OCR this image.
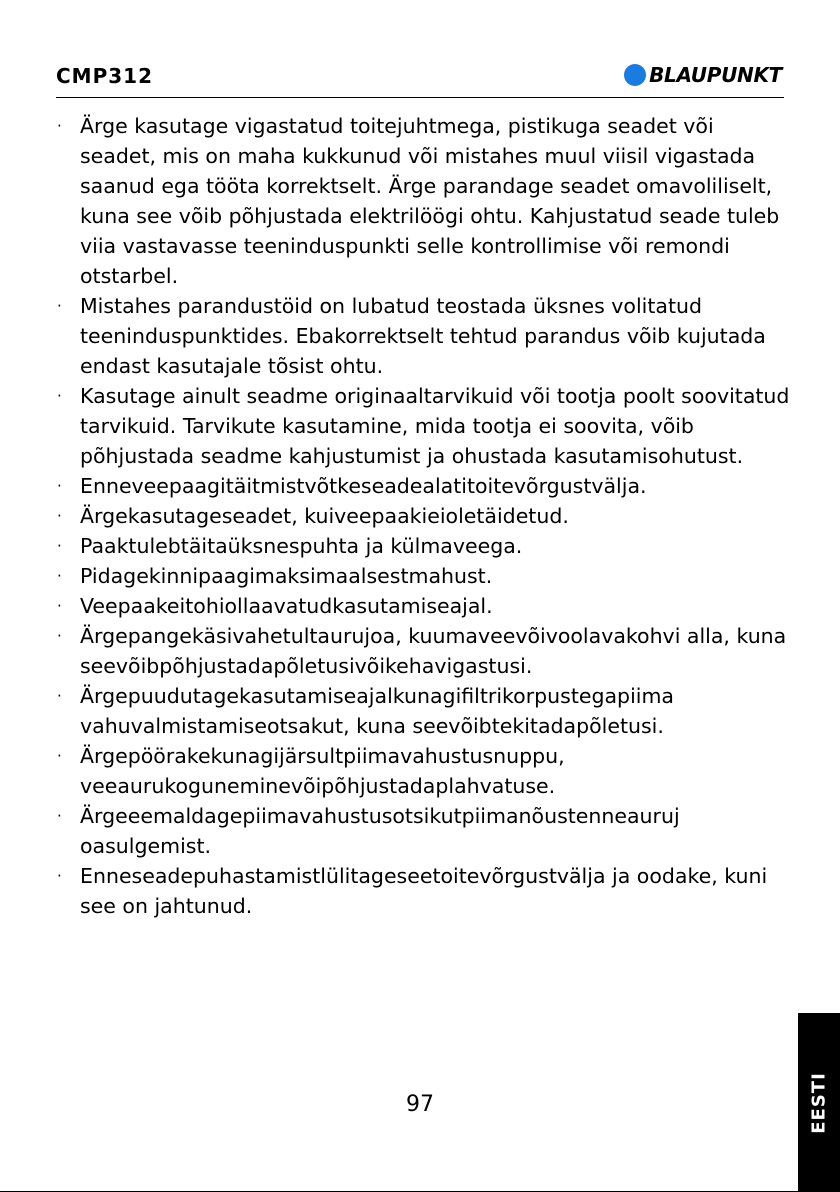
CMP312	BLAUPUNKT
· Ärge kasutage vigastatud toitejuhtmega, pistikuga seadet või seadet, mis on maha kukkunud või mistahes muul viisil vigastada saanud ega tööta korrektselt. Ärge parandage seadet omavoliliselt, kuna see võib põhjustada elektrilöögi ohtu. Kahjustatud seade tuleb viia vastavasse teeninduspunkti selle kontrollimise või remondi otstarbel.
· Mistahes parandustöid on lubatud teostada üksnes volitatud teeninduspunktides. Ebakorrektselt tehtud parandus võib kujutada endast kasutajale tõsist ohtu.
· Kasutage ainult seadme originaaltarvikuid või tootja poolt soovitatud tarvikuid. Tarvikute kasutamine, mida tootja ei soovita, võib põhjustada seadme kahjustumist ja ohustada kasutamisohutust.
· Enneveepaagitäitmistvõtkeseadealatitoitevõrgustvälja.
· Ärgekasutageseadet, kuiveepaakieioletäidetud.
· Paaktulebtäitaüksnespuhta ja külmaveega.
· Pidagekinnipaagimaksimaalsestmahust.
· Veepaakeitohiollaavatudkasutamiseajal.
· Ärgepangekäsivahetultaurujoa, kuumaveevõivoolavakohvi alla, kuna seevõibpõhjustadapõletusivõikehavigastusi.
· Ärgepuudutagekasutamiseajalkunagifiltrikorpustegapiima vahuvalmistamiseotsakut, kuna seevõibtekitadapõletusi.
· Ärgepöörakekunagijärsultpiimavahustusnuppu, veeaurukoguneminevõipõhjustadaplahvatuse.
· Ärgeeemaldagepiimavahustusotsikutpiimanõustenneauruj oasulgemist.
· Enneseadepuhastamistlülitageseetoitevõrgustvälja ja oodake, kuni see on jahtunud.

97	EESTI
